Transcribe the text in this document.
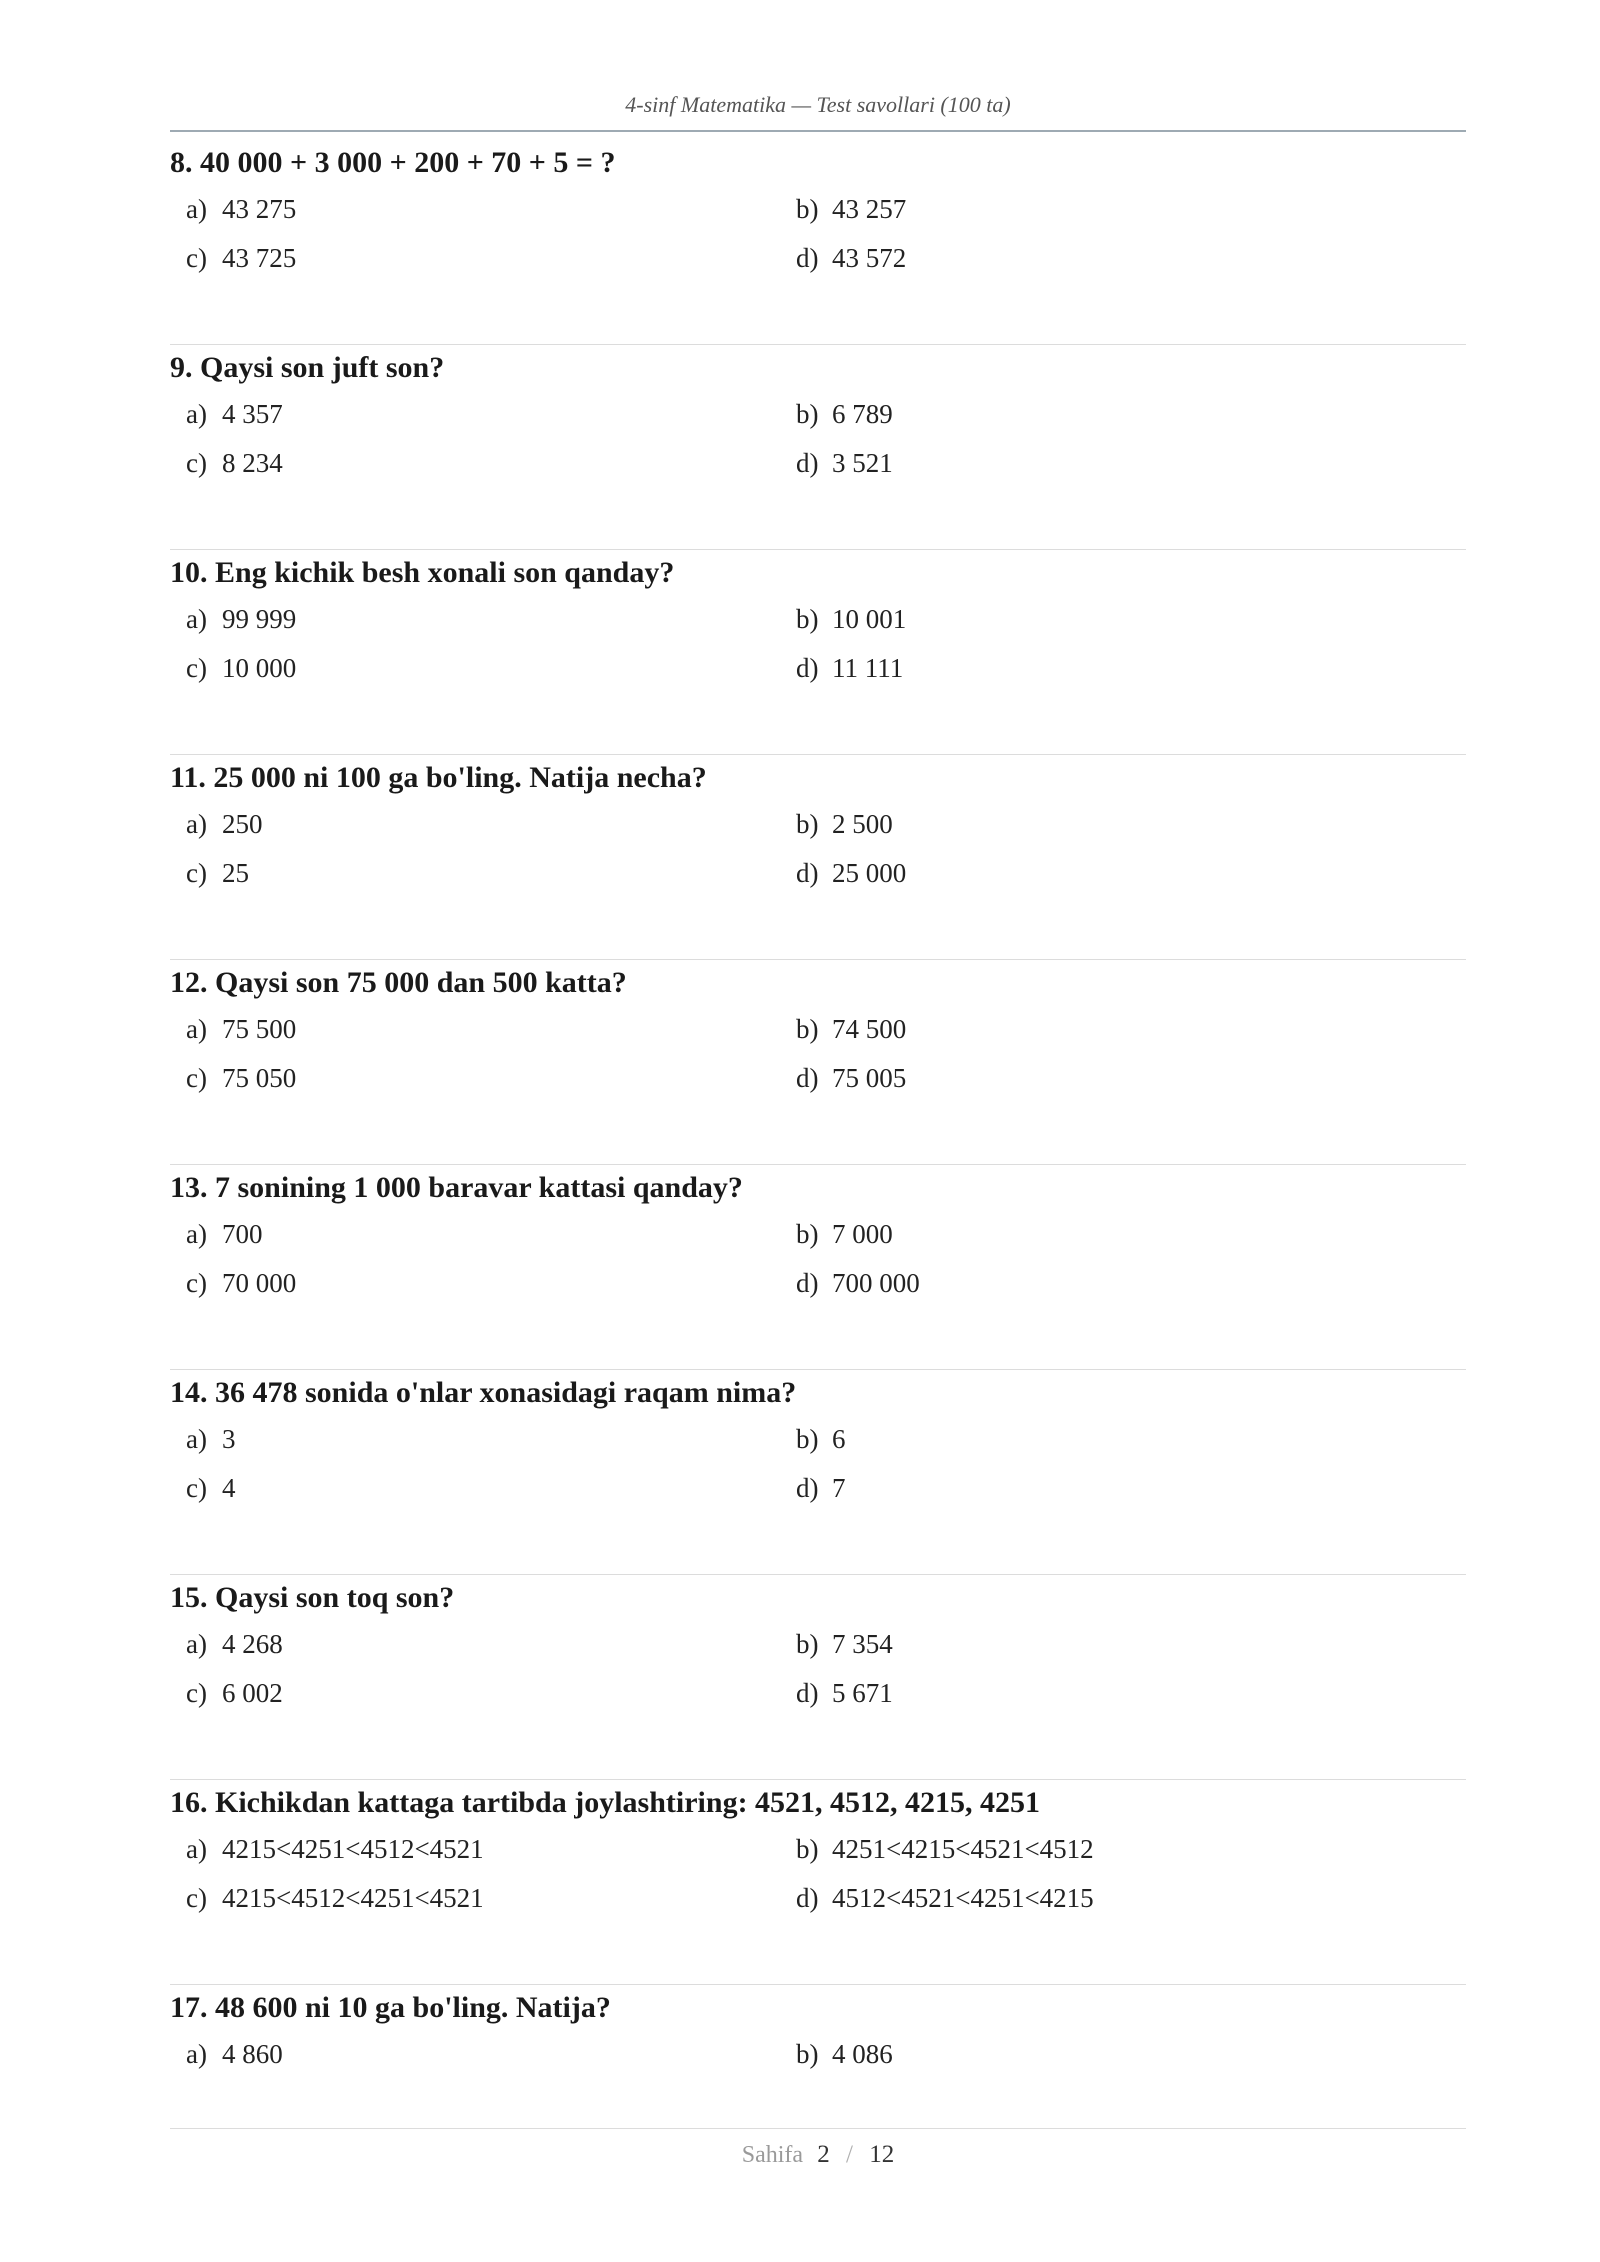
4-sinf Matematika — Test savollari (100 ta)
8. 40 000 + 3 000 + 200 + 70 + 5 = ?
a) 43 275	b) 43 257
c) 43 725	d) 43 572
9. Qaysi son juft son?
a) 4 357	b) 6 789
c) 8 234	d) 3 521
10. Eng kichik besh xonali son qanday?
a) 99 999	b) 10 001
c) 10 000	d) 11 111
11. 25 000 ni 100 ga bo'ling. Natija necha?
a) 250	b) 2 500
c) 25	d) 25 000
12. Qaysi son 75 000 dan 500 katta?
a) 75 500	b) 74 500
c) 75 050	d) 75 005
13. 7 sonining 1 000 baravar kattasi qanday?
a) 700	b) 7 000
c) 70 000	d) 700 000
14. 36 478 sonida o'nlar xonasidagi raqam nima?
a) 3	b) 6
c) 4	d) 7
15. Qaysi son toq son?
a) 4 268	b) 7 354
c) 6 002	d) 5 671
16. Kichikdan kattaga tartibda joylashtiring: 4521, 4512, 4215, 4251
a) 4215<4251<4512<4521	b) 4251<4215<4521<4512
c) 4215<4512<4251<4521	d) 4512<4521<4251<4215
17. 48 600 ni 10 ga bo'ling. Natija?
a) 4 860	b) 4 086
Sahifa 2 / 12
